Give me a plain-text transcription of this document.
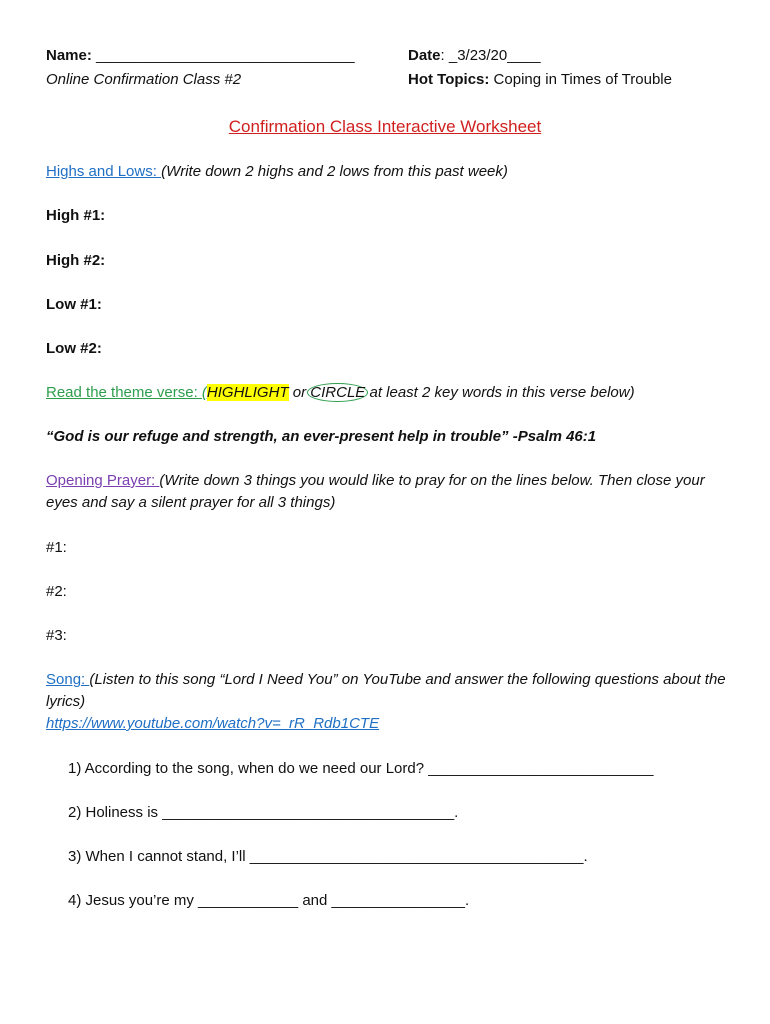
Name: _______________________________	Date: _3/23/20____
Online Confirmation Class #2	Hot Topics: Coping in Times of Trouble
Confirmation Class Interactive Worksheet
Highs and Lows: (Write down 2 highs and 2 lows from this past week)
High #1:
High #2:
Low #1:
Low #2:
Read the theme verse: (HIGHLIGHT or CIRCLE at least 2 key words in this verse below)
“God is our refuge and strength, an ever-present help in trouble” -Psalm 46:1
Opening Prayer: (Write down 3 things you would like to pray for on the lines below. Then close your eyes and say a silent prayer for all 3 things)
#1:
#2:
#3:
Song: (Listen to this song “Lord I Need You” on YouTube and answer the following questions about the lyrics)
https://www.youtube.com/watch?v=_rR_Rdb1CTE
1) According to the song, when do we need our Lord? ___________________________
2) Holiness is ___________________________________.
3) When I cannot stand, I’ll ________________________________________.
4) Jesus you’re my ____________ and ________________.
